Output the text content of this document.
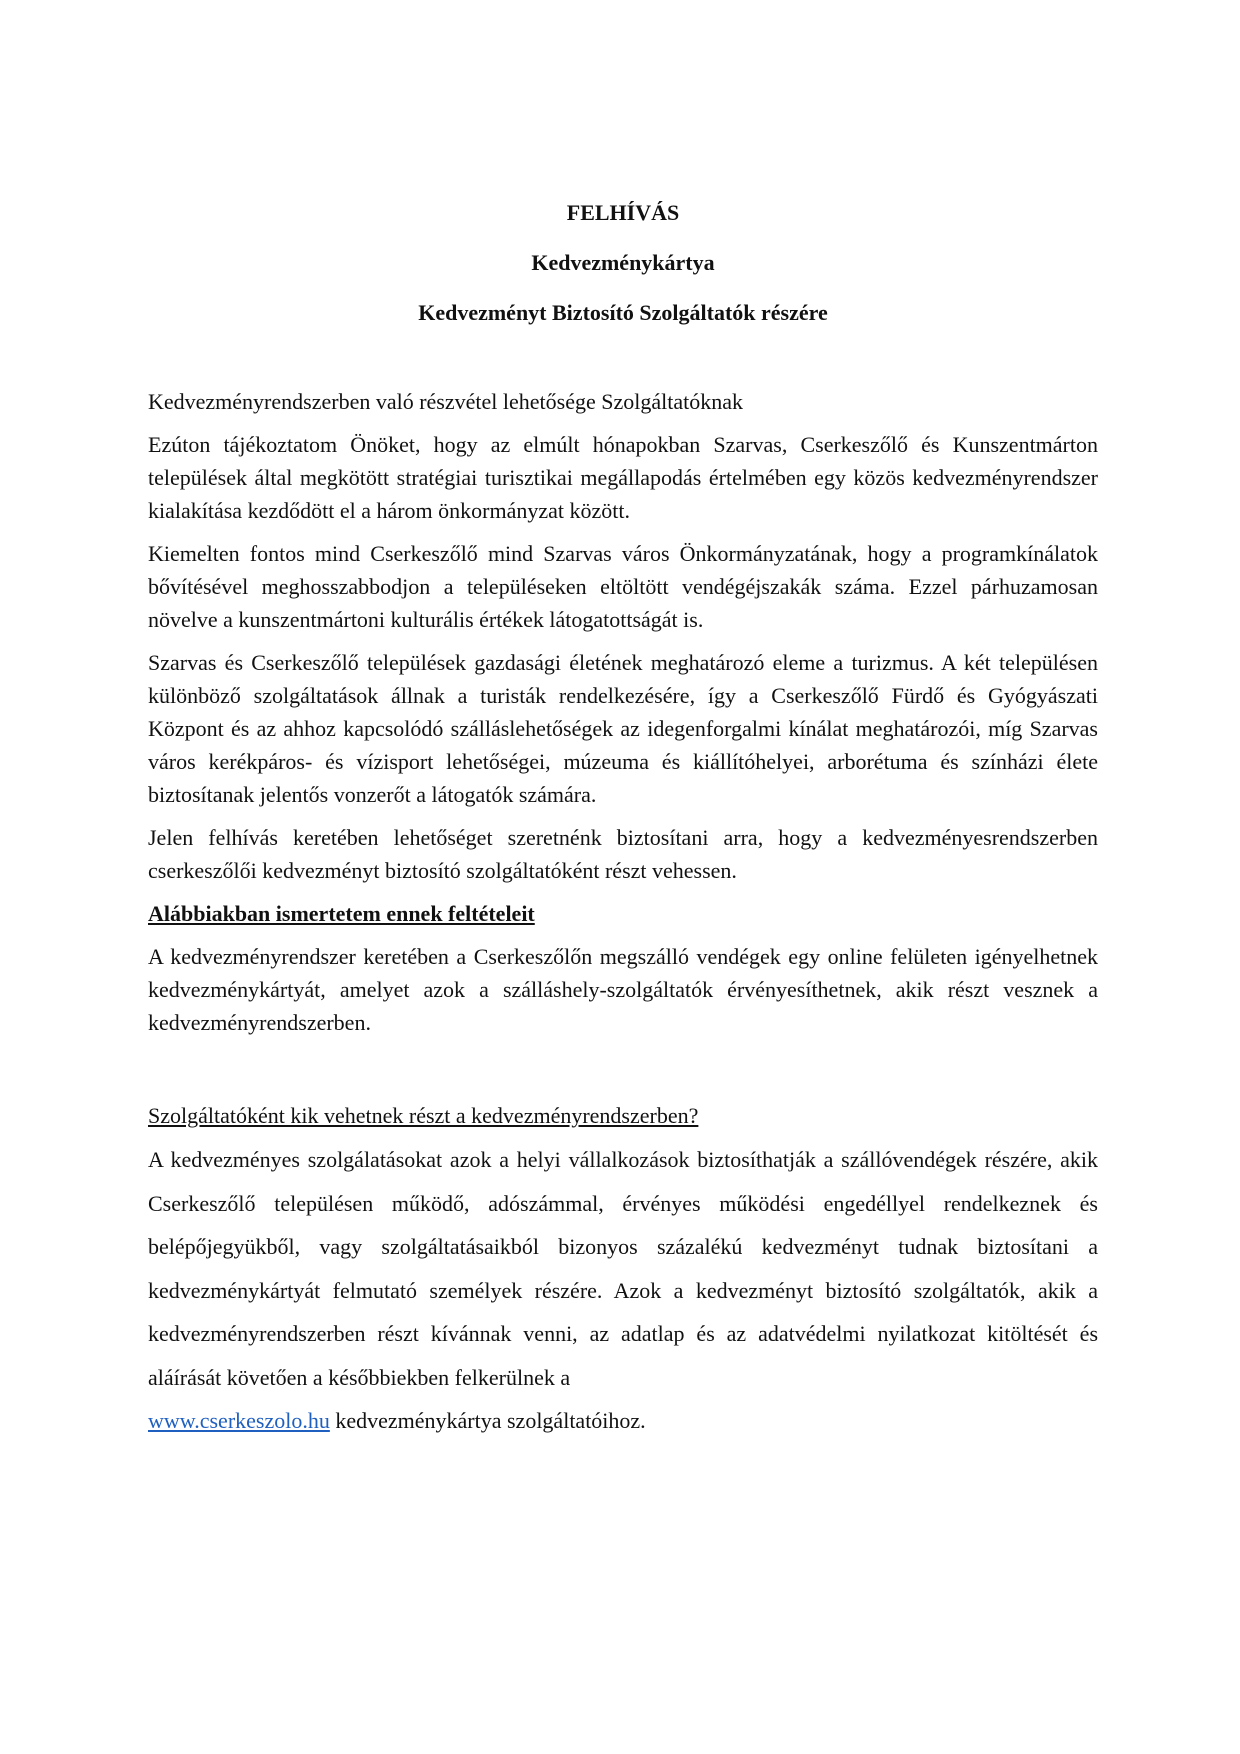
FELHÍVÁS
Kedvezménykártya
Kedvezményt Biztosító Szolgáltatók részére

Kedvezményrendszerben való részvétel lehetősége Szolgáltatóknak

Ezúton tájékoztatom Önöket, hogy az elmúlt hónapokban Szarvas, Cserkeszőlő és Kunszentmárton települések által megkötött stratégiai turisztikai megállapodás értelmében egy közös kedvezményrendszer kialakítása kezdődött el a három önkormányzat között.

Kiemelten fontos mind Cserkeszőlő mind Szarvas város Önkormányzatának, hogy a programkínálatok bővítésével meghosszabbodjon a településeken eltöltött vendégéjszakák száma. Ezzel párhuzamosan növelve a kunszentmártoni kulturális értékek látogatottságát is.

Szarvas és Cserkeszőlő települések gazdasági életének meghatározó eleme a turizmus. A két településen különböző szolgáltatások állnak a turisták rendelkezésére, így a Cserkeszőlő Fürdő és Gyógyászati Központ és az ahhoz kapcsolódó szálláslehetőségek az idegenforgalmi kínálat meghatározói, míg Szarvas város kerékpáros- és vízisport lehetőségei, múzeuma és kiállítóhelyei, arborétuma és színházi élete biztosítanak jelentős vonzerőt a látogatók számára.

Jelen felhívás keretében lehetőséget szeretnénk biztosítani arra, hogy a kedvezményesrendszerben cserkeszőlői kedvezményt biztosító szolgáltatóként részt vehessen.

Alábbiakban ismertetem ennek feltételeit

A kedvezményrendszer keretében a Cserkeszőlőn megszálló vendégek egy online felületen igényelhetnek kedvezménykártyát, amelyet azok a szálláshely-szolgáltatók érvényesíthetnek, akik részt vesznek a kedvezményrendszerben.

Szolgáltatóként kik vehetnek részt a kedvezményrendszerben?

A kedvezményes szolgálatásokat azok a helyi vállalkozások biztosíthatják a szállóvendégek részére, akik Cserkeszőlő településen működő, adószámmal, érvényes működési engedéllyel rendelkeznek és belépőjegyükből, vagy szolgáltatásaikból bizonyos százalékú kedvezményt tudnak biztosítani a kedvezménykártyát felmutató személyek részére. Azok a kedvezményt biztosító szolgáltatók, akik a kedvezményrendszerben részt kívánnak venni, az adatlap és az adatvédelmi nyilatkozat kitöltését és aláírását követően a későbbiekben felkerülnek a
www.cserkeszolo.hu kedvezménykártya szolgáltatóihoz.
